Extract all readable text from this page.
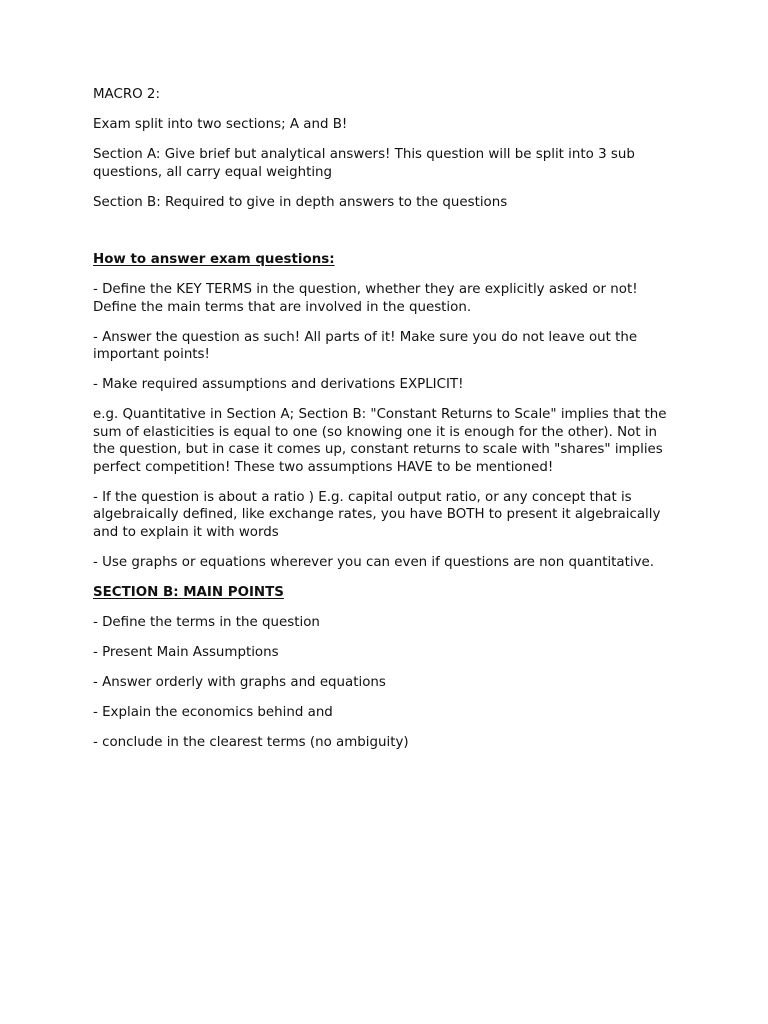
MACRO 2:

Exam split into two sections; A and B!

Section A: Give brief but analytical answers! This question will be split into 3 sub questions, all carry equal weighting

Section B: Required to give in depth answers to the questions

How to answer exam questions:

- Define the KEY TERMS in the question, whether they are explicitly asked or not! Define the main terms that are involved in the question.

- Answer the question as such! All parts of it! Make sure you do not leave out the important points!

- Make required assumptions and derivations EXPLICIT!

e.g. Quantitative in Section A; Section B: "Constant Returns to Scale" implies that the sum of elasticities is equal to one (so knowing one it is enough for the other). Not in the question, but in case it comes up, constant returns to scale with "shares" implies perfect competition! These two assumptions HAVE to be mentioned!

- If the question is about a ratio ) E.g. capital output ratio, or any concept that is algebraically defined, like exchange rates, you have BOTH to present it algebraically and to explain it with words

- Use graphs or equations wherever you can even if questions are non quantitative.

SECTION B: MAIN POINTS

- Define the terms in the question

- Present Main Assumptions

- Answer orderly with graphs and equations

- Explain the economics behind and

- conclude in the clearest terms (no ambiguity)
